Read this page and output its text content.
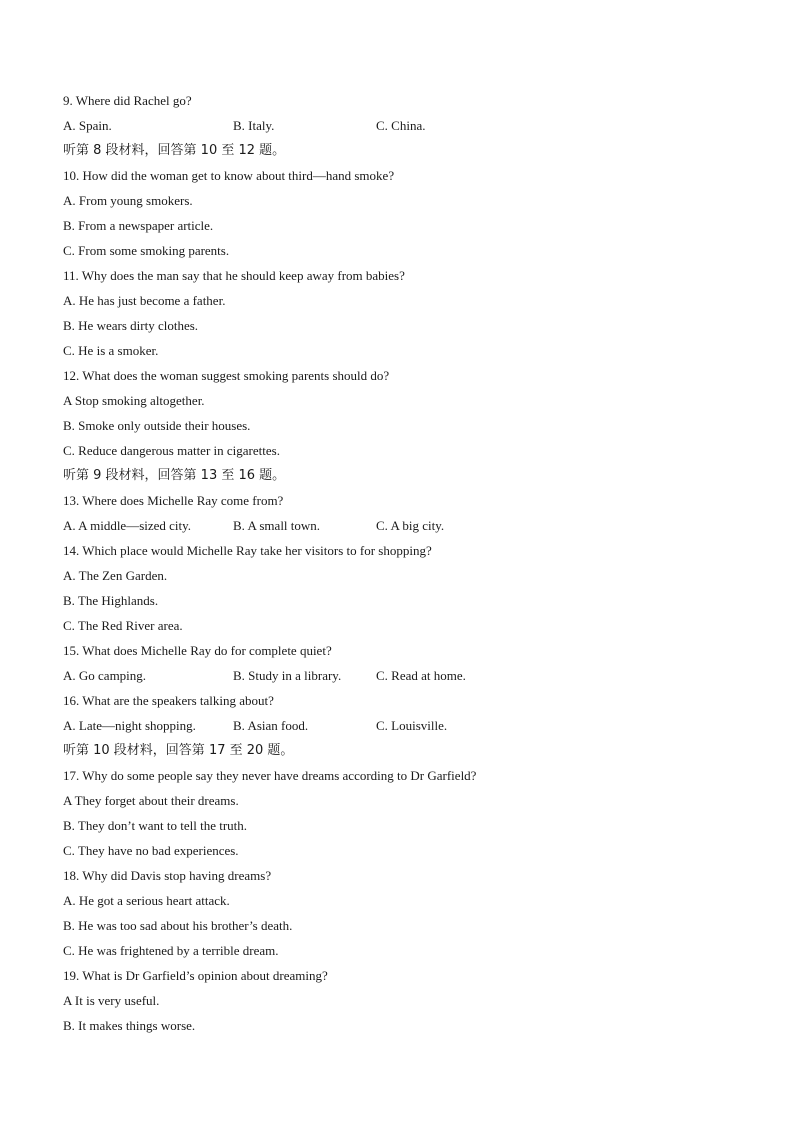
9. Where did Rachel go?
A. Spain.	B. Italy.	C. China.
听第 8 段材料，回答第 10 至 12 题。
10. How did the woman get to know about third—hand smoke?
A. From young smokers.
B. From a newspaper article.
C. From some smoking parents.
11. Why does the man say that he should keep away from babies?
A. He has just become a father.
B. He wears dirty clothes.
C. He is a smoker.
12. What does the woman suggest smoking parents should do?
A Stop smoking altogether.
B. Smoke only outside their houses.
C. Reduce dangerous matter in cigarettes.
听第 9 段材料，回答第 13 至 16 题。
13. Where does Michelle Ray come from?
A. A middle—sized city.	B. A small town.	C. A big city.
14. Which place would Michelle Ray take her visitors to for shopping?
A. The Zen Garden.
B. The Highlands.
C. The Red River area.
15. What does Michelle Ray do for complete quiet?
A. Go camping.	B. Study in a library.	C. Read at home.
16. What are the speakers talking about?
A. Late—night shopping.	B. Asian food.	C. Louisville.
听第 10 段材料，回答第 17 至 20 题。
17. Why do some people say they never have dreams according to Dr Garfield?
A They forget about their dreams.
B. They don’t want to tell the truth.
C. They have no bad experiences.
18. Why did Davis stop having dreams?
A. He got a serious heart attack.
B. He was too sad about his brother’s death.
C. He was frightened by a terrible dream.
19. What is Dr Garfield’s opinion about dreaming?
A It is very useful.
B. It makes things worse.
